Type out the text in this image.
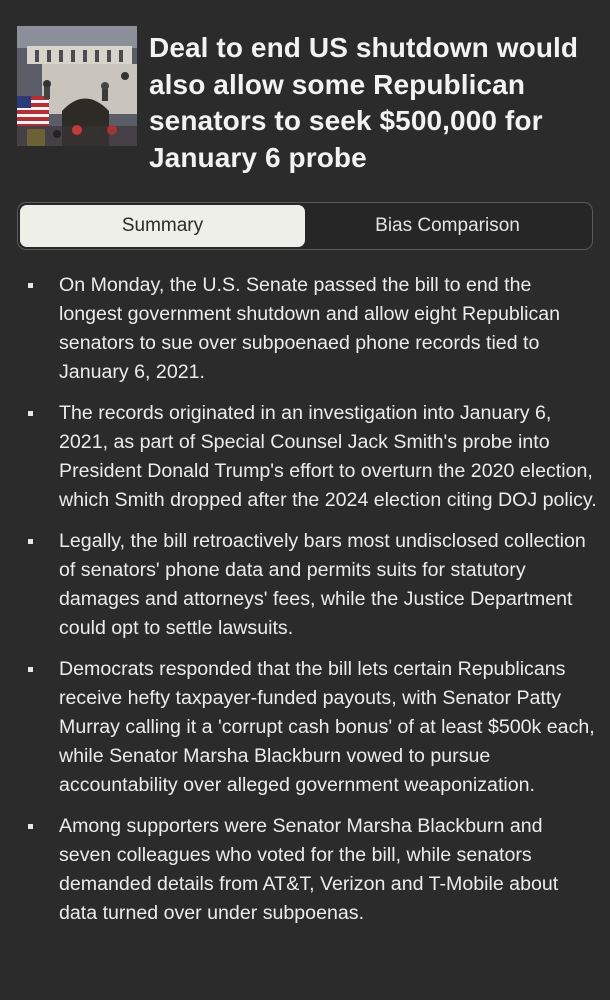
Deal to end US shutdown would also allow some Republican senators to seek $500,000 for January 6 probe
Summary	Bias Comparison
On Monday, the U.S. Senate passed the bill to end the longest government shutdown and allow eight Republican senators to sue over subpoenaed phone records tied to January 6, 2021.
The records originated in an investigation into January 6, 2021, as part of Special Counsel Jack Smith's probe into President Donald Trump's effort to overturn the 2020 election, which Smith dropped after the 2024 election citing DOJ policy.
Legally, the bill retroactively bars most undisclosed collection of senators' phone data and permits suits for statutory damages and attorneys' fees, while the Justice Department could opt to settle lawsuits.
Democrats responded that the bill lets certain Republicans receive hefty taxpayer-funded payouts, with Senator Patty Murray calling it a 'corrupt cash bonus' of at least $500k each, while Senator Marsha Blackburn vowed to pursue accountability over alleged government weaponization.
Among supporters were Senator Marsha Blackburn and seven colleagues who voted for the bill, while senators demanded details from AT&T, Verizon and T-Mobile about data turned over under subpoenas.
